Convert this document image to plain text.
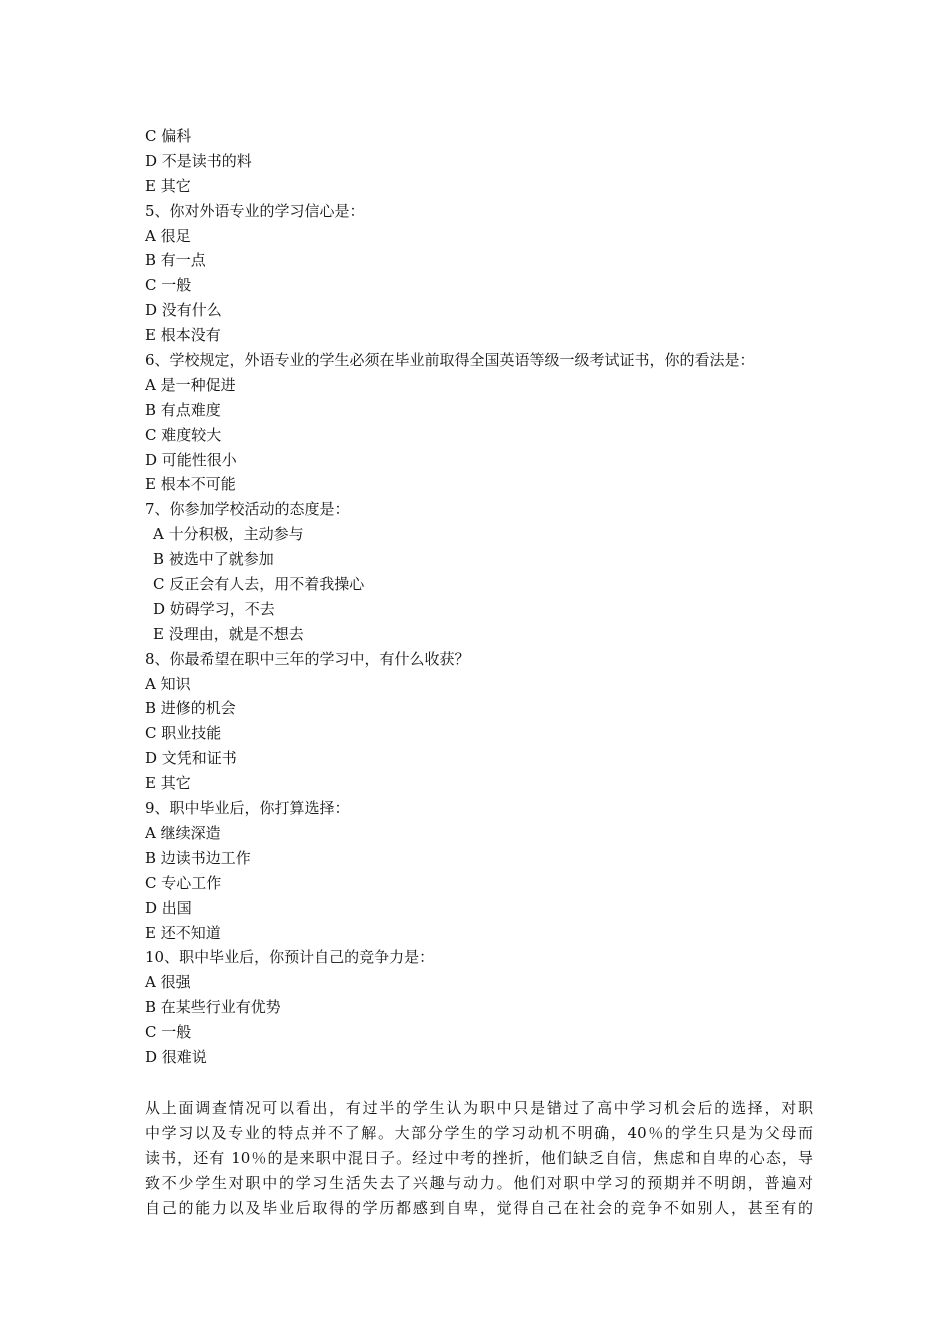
C 偏科
D 不是读书的料
E 其它
5、你对外语专业的学习信心是：
A 很足
B 有一点
C 一般
D 没有什么
E 根本没有
6、学校规定，外语专业的学生必须在毕业前取得全国英语等级一级考试证书，你的看法是：
A 是一种促进
B 有点难度
C 难度较大
D 可能性很小
E 根本不可能
7、你参加学校活动的态度是：
A 十分积极，主动参与
B 被选中了就参加
C 反正会有人去，用不着我操心
D 妨碍学习，不去
E 没理由，就是不想去
8、你最希望在职中三年的学习中，有什么收获？
A 知识
B 进修的机会
C 职业技能
D 文凭和证书
E 其它
9、职中毕业后，你打算选择：
A 继续深造
B 边读书边工作
C 专心工作
D 出国
E 还不知道
10、职中毕业后，你预计自己的竞争力是：
A 很强
B 在某些行业有优势
C 一般
D 很难说
从上面调查情况可以看出，有过半的学生认为职中只是错过了高中学习机会后的选择，对职
中学习以及专业的特点并不了解。大部分学生的学习动机不明确，40％的学生只是为父母而
读书，还有 10％的是来职中混日子。经过中考的挫折，他们缺乏自信，焦虑和自卑的心态，导
致不少学生对职中的学习生活失去了兴趣与动力。他们对职中学习的预期并不明朗，普遍对
自己的能力以及毕业后取得的学历都感到自卑，觉得自己在社会的竞争不如别人，甚至有的
